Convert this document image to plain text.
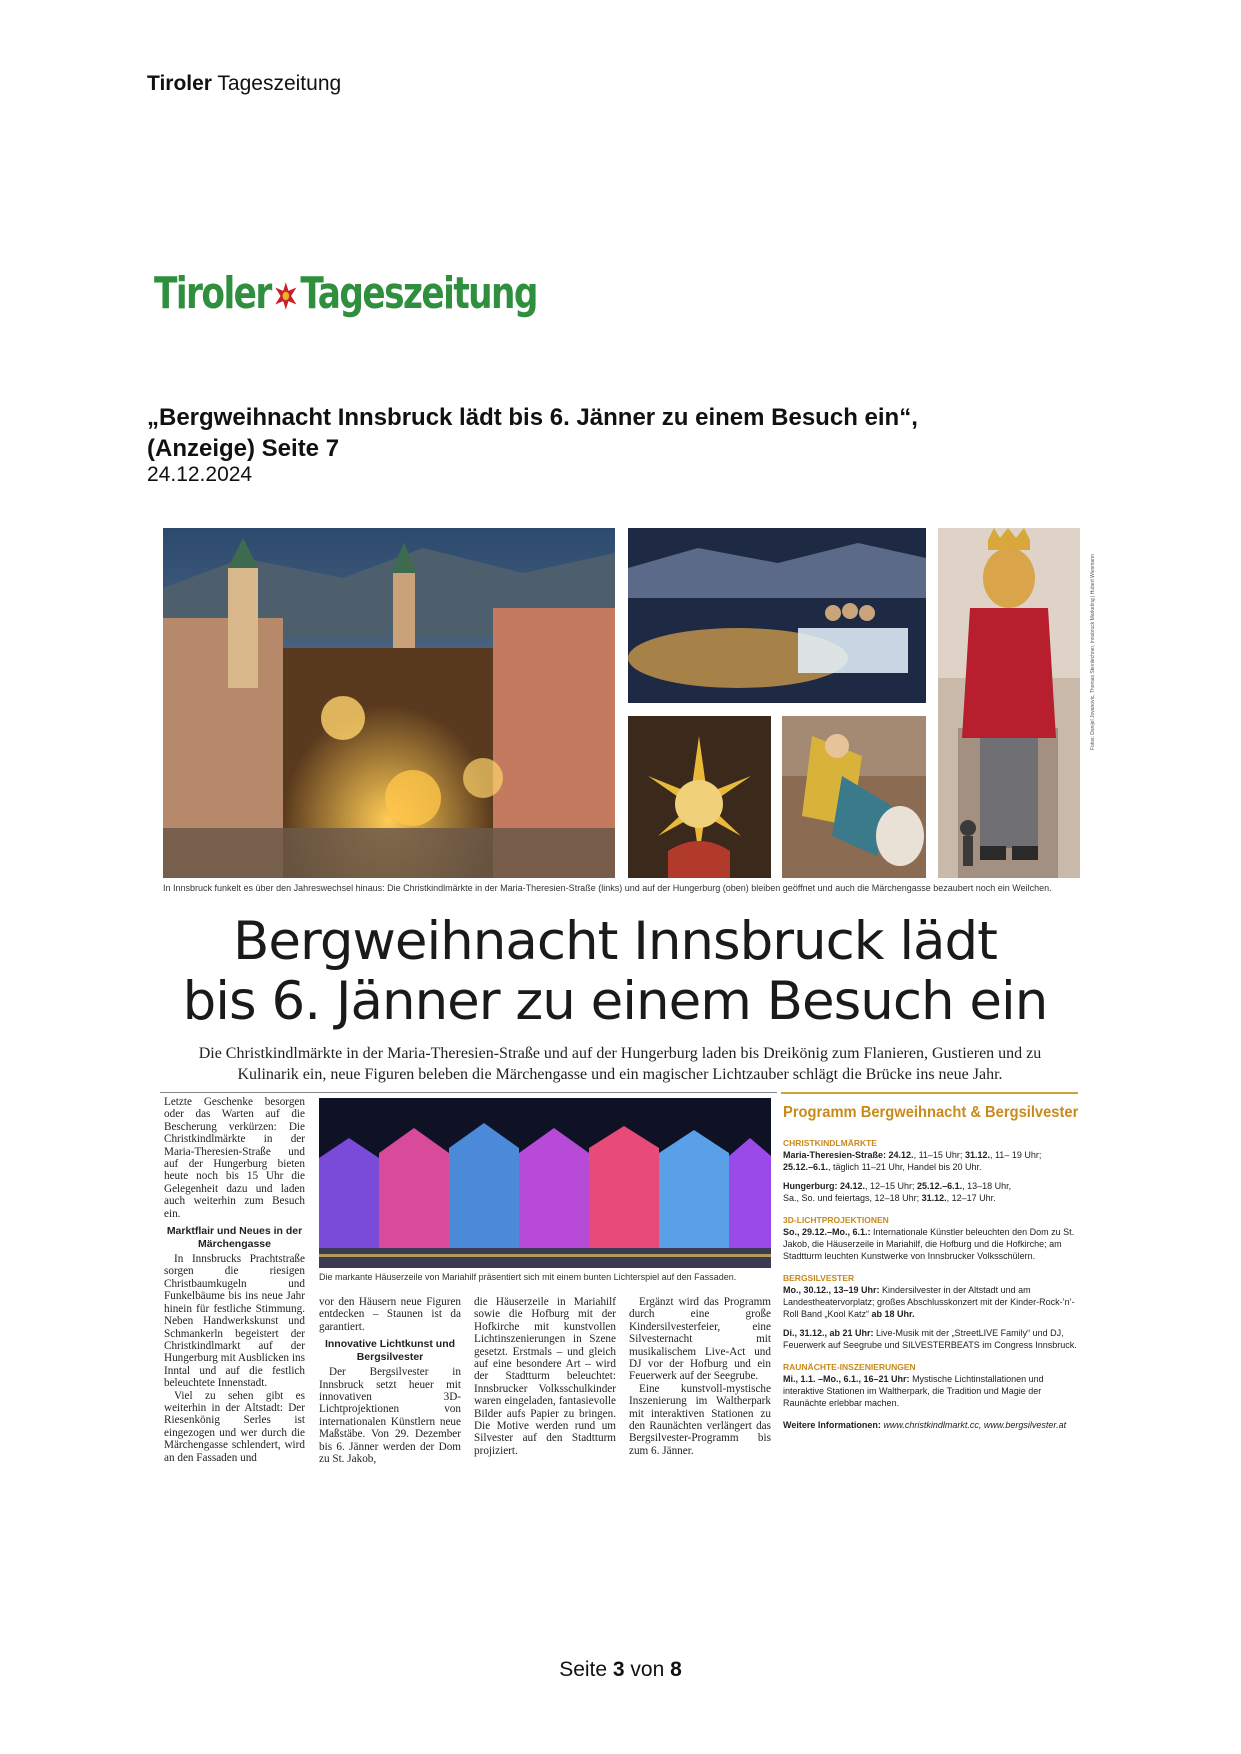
Tiroler Tageszeitung
Tiroler Tageszeitung
„Bergweihnacht Innsbruck lädt bis 6. Jänner zu einem Besuch ein“,
(Anzeige) Seite 7
24.12.2024
Fotos: Danijel Jovanovic, Thomas Steinlechner, Innsbruck Marketing | Hubert Wiesmann
In Innsbruck funkelt es über den Jahreswechsel hinaus: Die Christkindlmärkte in der Maria-Theresien-Straße (links) und auf der Hungerburg (oben) bleiben geöffnet und auch die Märchengasse bezaubert noch ein Weilchen.
Bergweihnacht Innsbruck lädt
bis 6. Jänner zu einem Besuch ein
Die Christkindlmärkte in der Maria-Theresien-Straße und auf der Hungerburg laden bis Dreikönig zum Flanieren, Gustieren und zu Kulinarik ein, neue Figuren beleben die Märchengasse und ein magischer Lichtzauber schlägt die Brücke ins neue Jahr.

Letzte Geschenke besorgen oder das Warten auf die Bescherung verkürzen: Die Christkindlmärkte in der Maria-Theresien-Straße und auf der Hungerburg bieten heute noch bis 15 Uhr die Gelegenheit dazu und laden auch weiterhin zum Besuch ein.

Marktflair und Neues in der Märchengasse

In Innsbrucks Prachtstraße sorgen die riesigen Christbaumkugeln und Funkelbäume bis ins neue Jahr hinein für festliche Stimmung. Neben Handwerkskunst und Schmankerln begeistert der Christkindlmarkt auf der Hungerburg mit Ausblicken ins Inntal und auf die festlich beleuchtete Innenstadt.

Viel zu sehen gibt es weiterhin in der Altstadt: Der Riesenkönig Serles ist eingezogen und wer durch die Märchengasse schlendert, wird an den Fassaden und

Die markante Häuserzeile von Mariahilf präsentiert sich mit einem bunten Lichterspiel auf den Fassaden.

vor den Häusern neue Figuren entdecken – Staunen ist da garantiert.

Innovative Lichtkunst und Bergsilvester

Der Bergsilvester in Innsbruck setzt heuer mit innovativen 3D-Lichtprojektionen von internationalen Künstlern neue Maßstäbe. Von 29. Dezember bis 6. Jänner werden der Dom zu St. Jakob,

die Häuserzeile in Mariahilf sowie die Hofburg mit der Hofkirche mit kunstvollen Lichtinszenierungen in Szene gesetzt. Erstmals – und gleich auf eine besondere Art – wird der Stadtturm beleuchtet: Innsbrucker Volksschulkinder waren eingeladen, fantasievolle Bilder aufs Papier zu bringen. Die Motive werden rund um Silvester auf den Stadtturm projiziert.

Ergänzt wird das Programm durch eine große Kindersilvesterfeier, eine Silvesternacht mit musikalischem Live-Act und DJ vor der Hofburg und ein Feuerwerk auf der Seegrube.

Eine kunstvoll-mystische Inszenierung im Waltherpark mit interaktiven Stationen zu den Raunächten verlängert das Bergsilvester-Programm bis zum 6. Jänner.

Programm Bergweihnacht & Bergsilvester
CHRISTKINDLMÄRKTE

Maria-Theresien-Straße: 24.12., 11–15 Uhr; 31.12., 11– 19 Uhr;
25.12.–6.1., täglich 11–21 Uhr, Handel bis 20 Uhr.

Hungerburg: 24.12., 12–15 Uhr; 25.12.–6.1., 13–18 Uhr,
Sa., So. und feiertags, 12–18 Uhr; 31.12., 12–17 Uhr.

3D-LICHTPROJEKTIONEN

So., 29.12.–Mo., 6.1.: Internationale Künstler beleuchten den Dom zu St. Jakob, die Häuserzeile in Mariahilf, die Hofburg und die Hofkirche; am Stadtturm leuchten Kunstwerke von Innsbrucker Volksschülern.

BERGSILVESTER

Mo., 30.12., 13–19 Uhr: Kindersilvester in der Altstadt und am Landestheatervorplatz; großes Abschlusskonzert mit der Kinder-Rock-’n’-Roll Band „Kool Katz“ ab 18 Uhr.

Di., 31.12., ab 21 Uhr: Live-Musik mit der „StreetLIVE Family“ und DJ, Feuerwerk auf Seegrube und SILVESTERBEATS im Congress Innsbruck.

RAUNÄCHTE-INSZENIERUNGEN

Mi., 1.1. –Mo., 6.1., 16–21 Uhr: Mystische Lichtinstallationen und interaktive Stationen im Waltherpark, die Tradition und Magie der Raunächte erlebbar machen.

Weitere Informationen: www.christkindlmarkt.cc, www.bergsilvester.at

Seite 3 von 8
